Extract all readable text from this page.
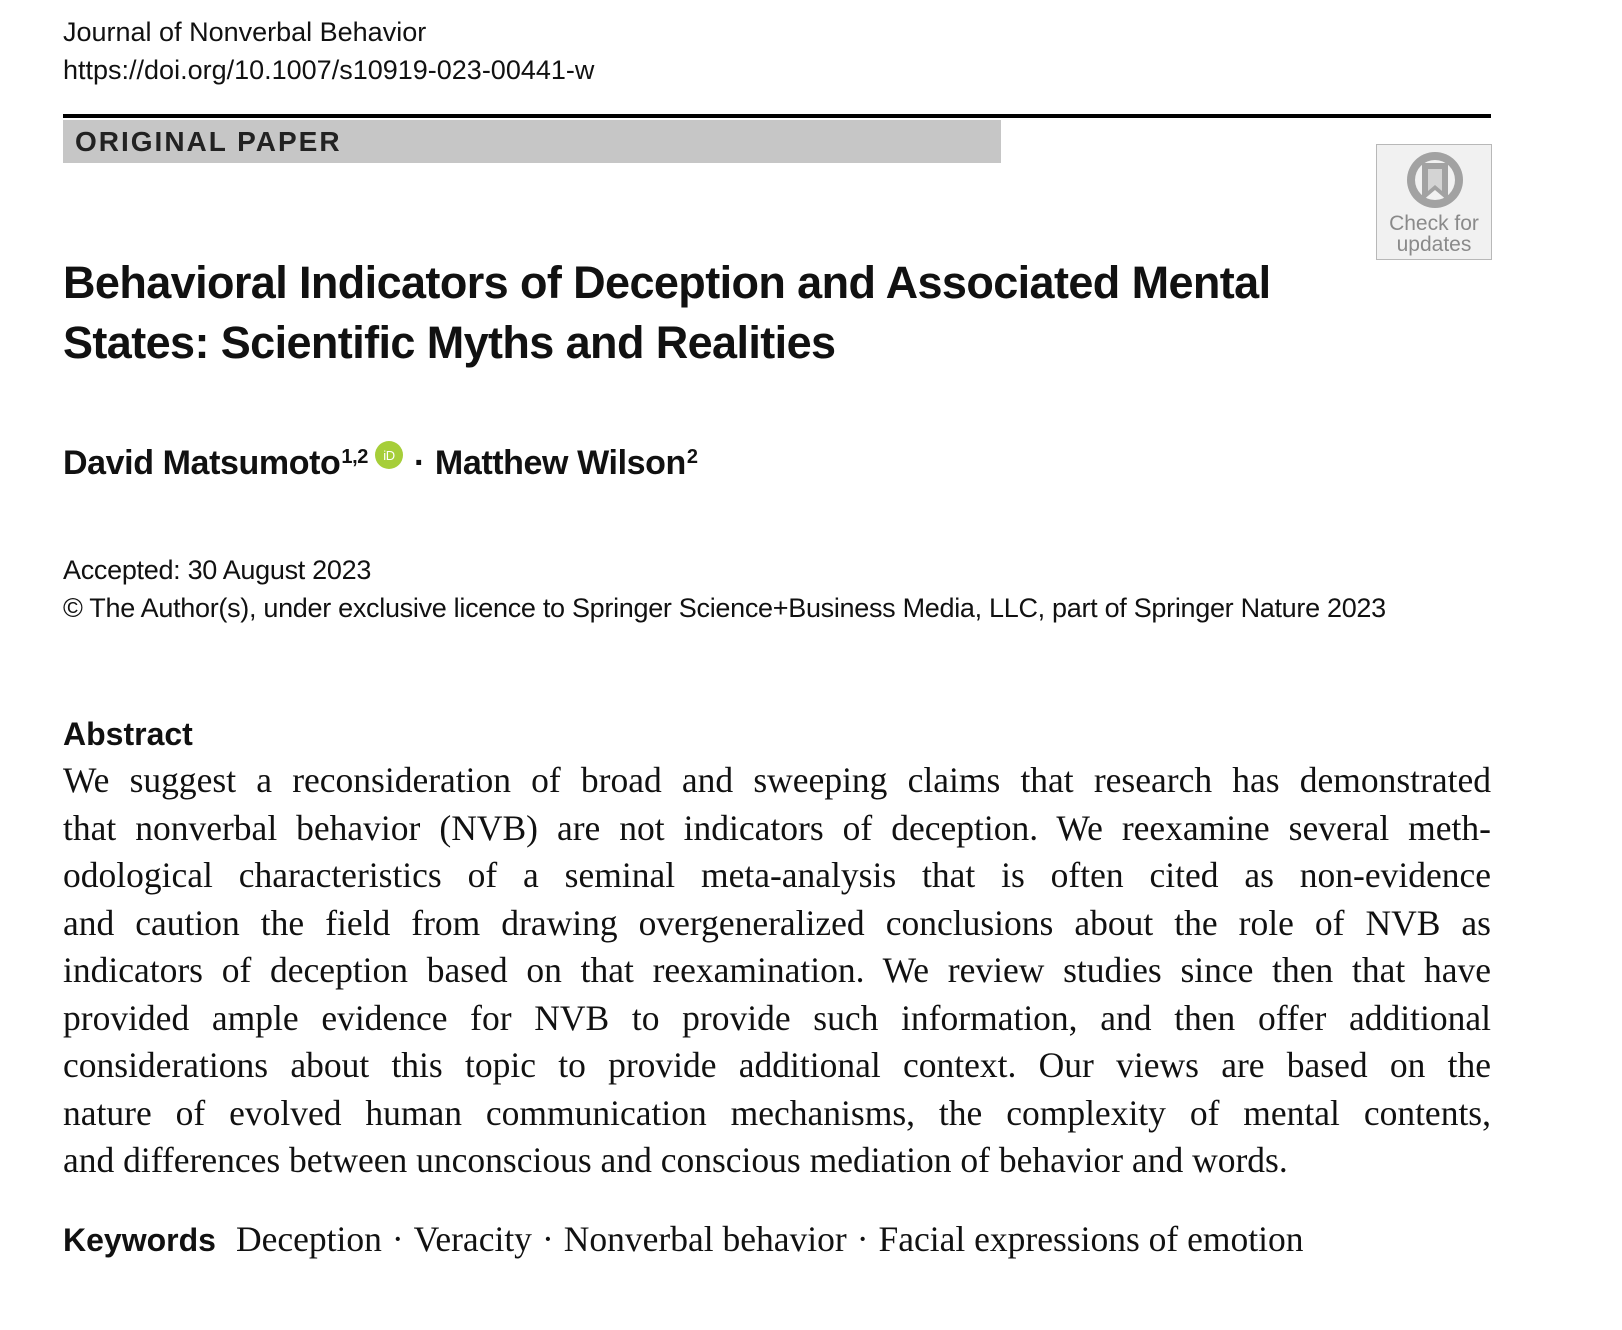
Journal of Nonverbal Behavior
https://doi.org/10.1007/s10919-023-00441-w
ORIGINAL PAPER
Check for
updates
Behavioral Indicators of Deception and Associated Mental
States: Scientific Myths and Realities
David Matsumoto$^{1,2}$ iD · Matthew Wilson$^2$
Accepted: 30 August 2023
© The Author(s), under exclusive licence to Springer Science+Business Media, LLC, part of Springer Nature 2023
Abstract
We suggest a reconsideration of broad and sweeping claims that research has demonstrated
that nonverbal behavior (NVB) are not indicators of deception. We reexamine several meth-
odological characteristics of a seminal meta-analysis that is often cited as non-evidence
and caution the field from drawing overgeneralized conclusions about the role of NVB as
indicators of deception based on that reexamination. We review studies since then that have
provided ample evidence for NVB to provide such information, and then offer additional
considerations about this topic to provide additional context. Our views are based on the
nature of evolved human communication mechanisms, the complexity of mental contents,
and differences between unconscious and conscious mediation of behavior and words.
Keywords Deception · Veracity · Nonverbal behavior · Facial expressions of emotion
